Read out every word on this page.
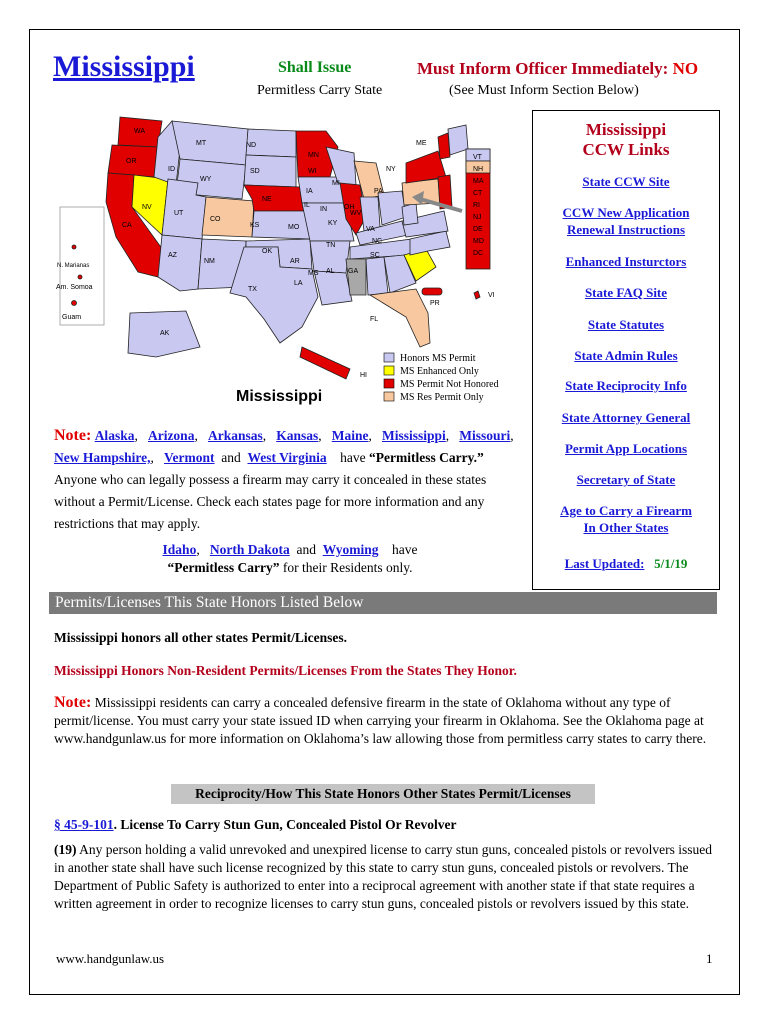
Mississippi	Shall Issue
Permitless Carry State
Must Inform Officer Immediately: NO
(See Must Inform Section Below)
WA
OR
CA
NV
ID
MT
WY
UT
CO
AZ
NM
ND
SD
NE
KS
OK
TX
MN
IA
MO
AR
LA
WI
IL
MI
IN OH
KY
TN
MS AL GA
FL
SC
NC
VA
WV
PA
NY
ME
AK
HI
PR
VI
VT
NH
MA
CT
RI
NJ
DE
MD
DC
N. Marianas
Am. Somoa
Guam
Mississippi
Honors MS Permit
MS Enhanced Only
MS Permit Not Honored
MS Res Permit Only
Mississippi
CCW Links
State CCW Site
CCW New Application
Renewal Instructions
Enhanced Insturctors
State FAQ Site
State Statutes
State Admin Rules
State Reciprocity Info
State Attorney General
Permit App Locations
Secretary of State
Age to Carry a Firearm
In Other States
Last Updated: 5/1/19
Note: Alaska,   Arizona,   Arkansas,   Kansas,   Maine,   Mississippi,   Missouri,   New Hampshire,,   Vermont and West Virginia have “Permitless Carry.” Anyone who can legally possess a firearm may carry it concealed in these states without a Permit/License. Check each states page for more information and any restrictions that may apply.
Idaho,   North Dakota and Wyoming have
“Permitless Carry” for their Residents only.
Permits/Licenses This State Honors Listed Below
Mississippi honors all other states Permit/Licenses.
Mississippi Honors Non-Resident Permits/Licenses From the States They Honor.
Note: Mississippi residents can carry a concealed defensive firearm in the state of Oklahoma without any type of permit/license. You must carry your state issued ID when carrying your firearm in Oklahoma. See the Oklahoma page at www.handgunlaw.us for more information on Oklahoma’s law allowing those from permitless carry states to carry there.
Reciprocity/How This State Honors Other States Permit/Licenses
§ 45-9-101. License To Carry Stun Gun, Concealed Pistol Or Revolver
(19) Any person holding a valid unrevoked and unexpired license to carry stun guns, concealed pistols or revolvers issued in another state shall have such license recognized by this state to carry stun guns, concealed pistols or revolvers. The Department of Public Safety is authorized to enter into a reciprocal agreement with another state if that state requires a written agreement in order to recognize licenses to carry stun guns, concealed pistols or revolvers issued by this state.
www.handgunlaw.us	1
